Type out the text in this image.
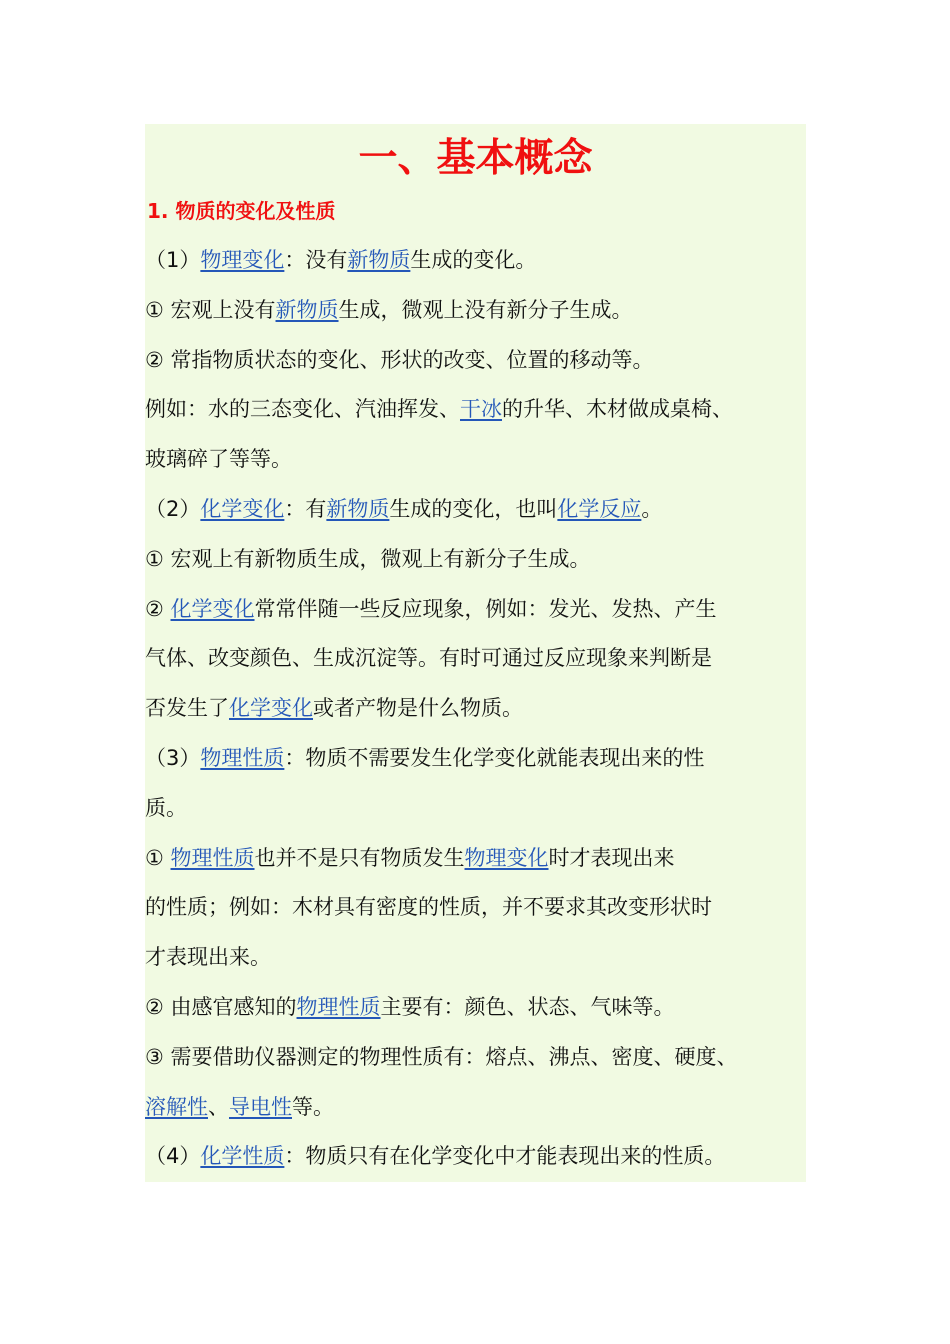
一、基本概念
1. 物质的变化及性质
（1）物理变化：没有新物质生成的变化。
① 宏观上没有新物质生成，微观上没有新分子生成。
② 常指物质状态的变化、形状的改变、位置的移动等。
例如：水的三态变化、汽油挥发、干冰的升华、木材做成桌椅、
玻璃碎了等等。
（2）化学变化：有新物质生成的变化，也叫化学反应。
① 宏观上有新物质生成，微观上有新分子生成。
② 化学变化常常伴随一些反应现象，例如：发光、发热、产生
气体、改变颜色、生成沉淀等。有时可通过反应现象来判断是
否发生了化学变化或者产物是什么物质。
（3）物理性质：物质不需要发生化学变化就能表现出来的性
质。
① 物理性质也并不是只有物质发生物理变化时才表现出来
的性质；例如：木材具有密度的性质，并不要求其改变形状时
才表现出来。
② 由感官感知的物理性质主要有：颜色、状态、气味等。
③ 需要借助仪器测定的物理性质有：熔点、沸点、密度、硬度、
溶解性、导电性等。
（4）化学性质：物质只有在化学变化中才能表现出来的性质。
